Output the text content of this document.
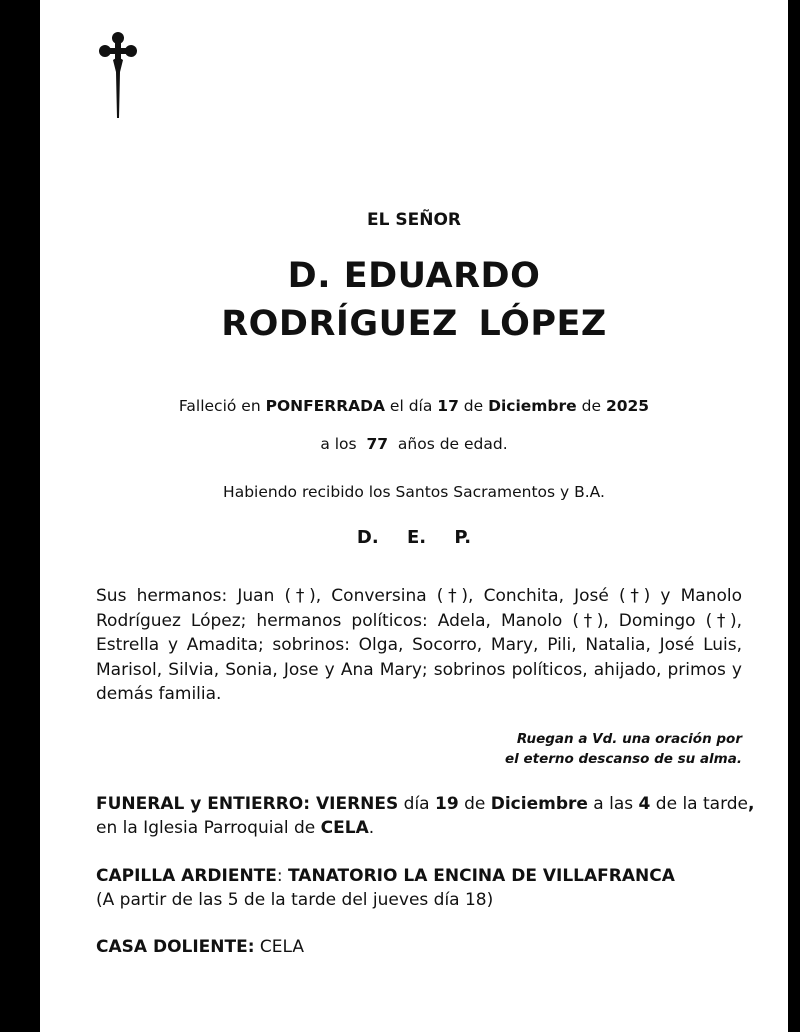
EL SEÑOR
D. EDUARDO
RODRÍGUEZ LÓPEZ
Falleció en PONFERRADA el día 17 de Diciembre de 2025
a los  77  años de edad.
Habiendo recibido los Santos Sacramentos y B.A.
D. E. P.
Sus hermanos: Juan (†), Conversina (†), Conchita, José (†) y Manolo Rodríguez López; hermanos políticos: Adela, Manolo (†), Domingo (†), Estrella y Amadita; sobrinos: Olga, Socorro, Mary, Pili, Natalia, José Luis, Marisol, Silvia, Sonia, Jose y Ana Mary; sobrinos políticos, ahijado, primos y demás familia.
Ruegan a Vd. una oración por
el eterno descanso de su alma.
FUNERAL y ENTIERRO: VIERNES día 19 de Diciembre a las 4 de la tarde,
en la Iglesia Parroquial de CELA.
CAPILLA ARDIENTE: TANATORIO LA ENCINA DE VILLAFRANCA
(A partir de las 5 de la tarde del jueves día 18)
CASA DOLIENTE: CELA
